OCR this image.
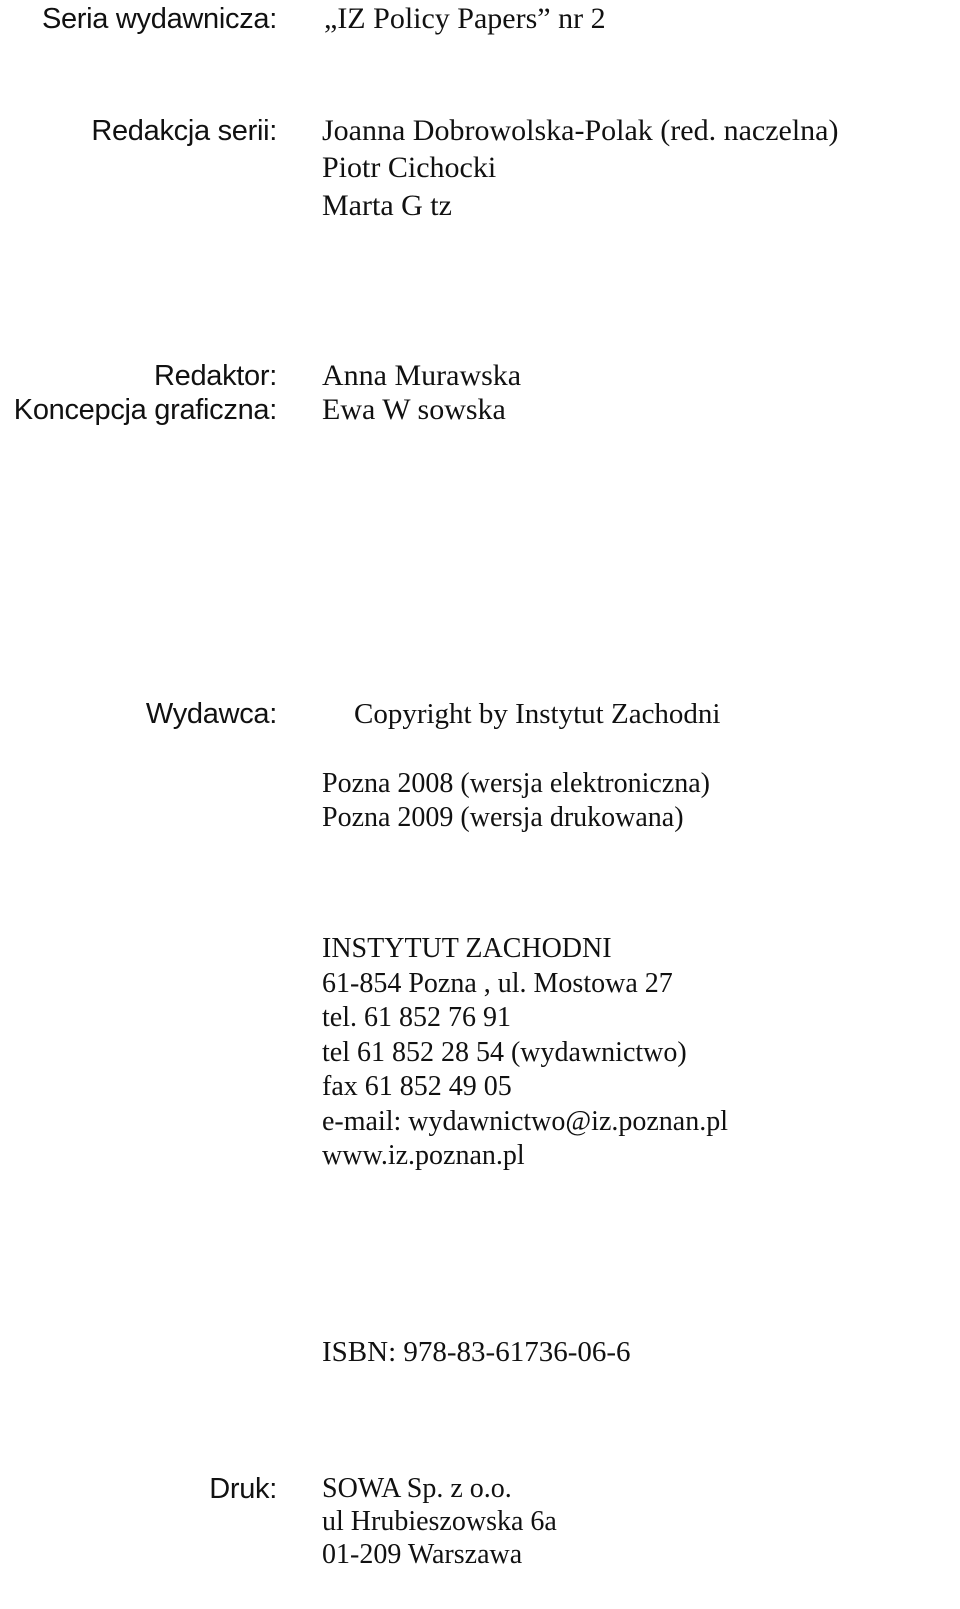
Seria wydawnicza: „IZ Policy Papers” nr 2
Redakcja serii: Joanna Dobrowolska-Polak (red. naczelna)
Piotr Cichocki
Marta G tz
Redaktor: Anna Murawska
Koncepcja graficzna: Ewa W sowska
Wydawca:	Copyright by Instytut Zachodni
Pozna 2008 (wersja elektroniczna)
Pozna 2009 (wersja drukowana)
INSTYTUT ZACHODNI
61-854 Pozna , ul. Mostowa 27
tel. 61 852 76 91
tel 61 852 28 54 (wydawnictwo)
fax 61 852 49 05
e-mail: wydawnictwo@iz.poznan.pl
www.iz.poznan.pl
ISBN: 978-83-61736-06-6
Druk: SOWA Sp. z o.o.
ul Hrubieszowska 6a
01-209 Warszawa
